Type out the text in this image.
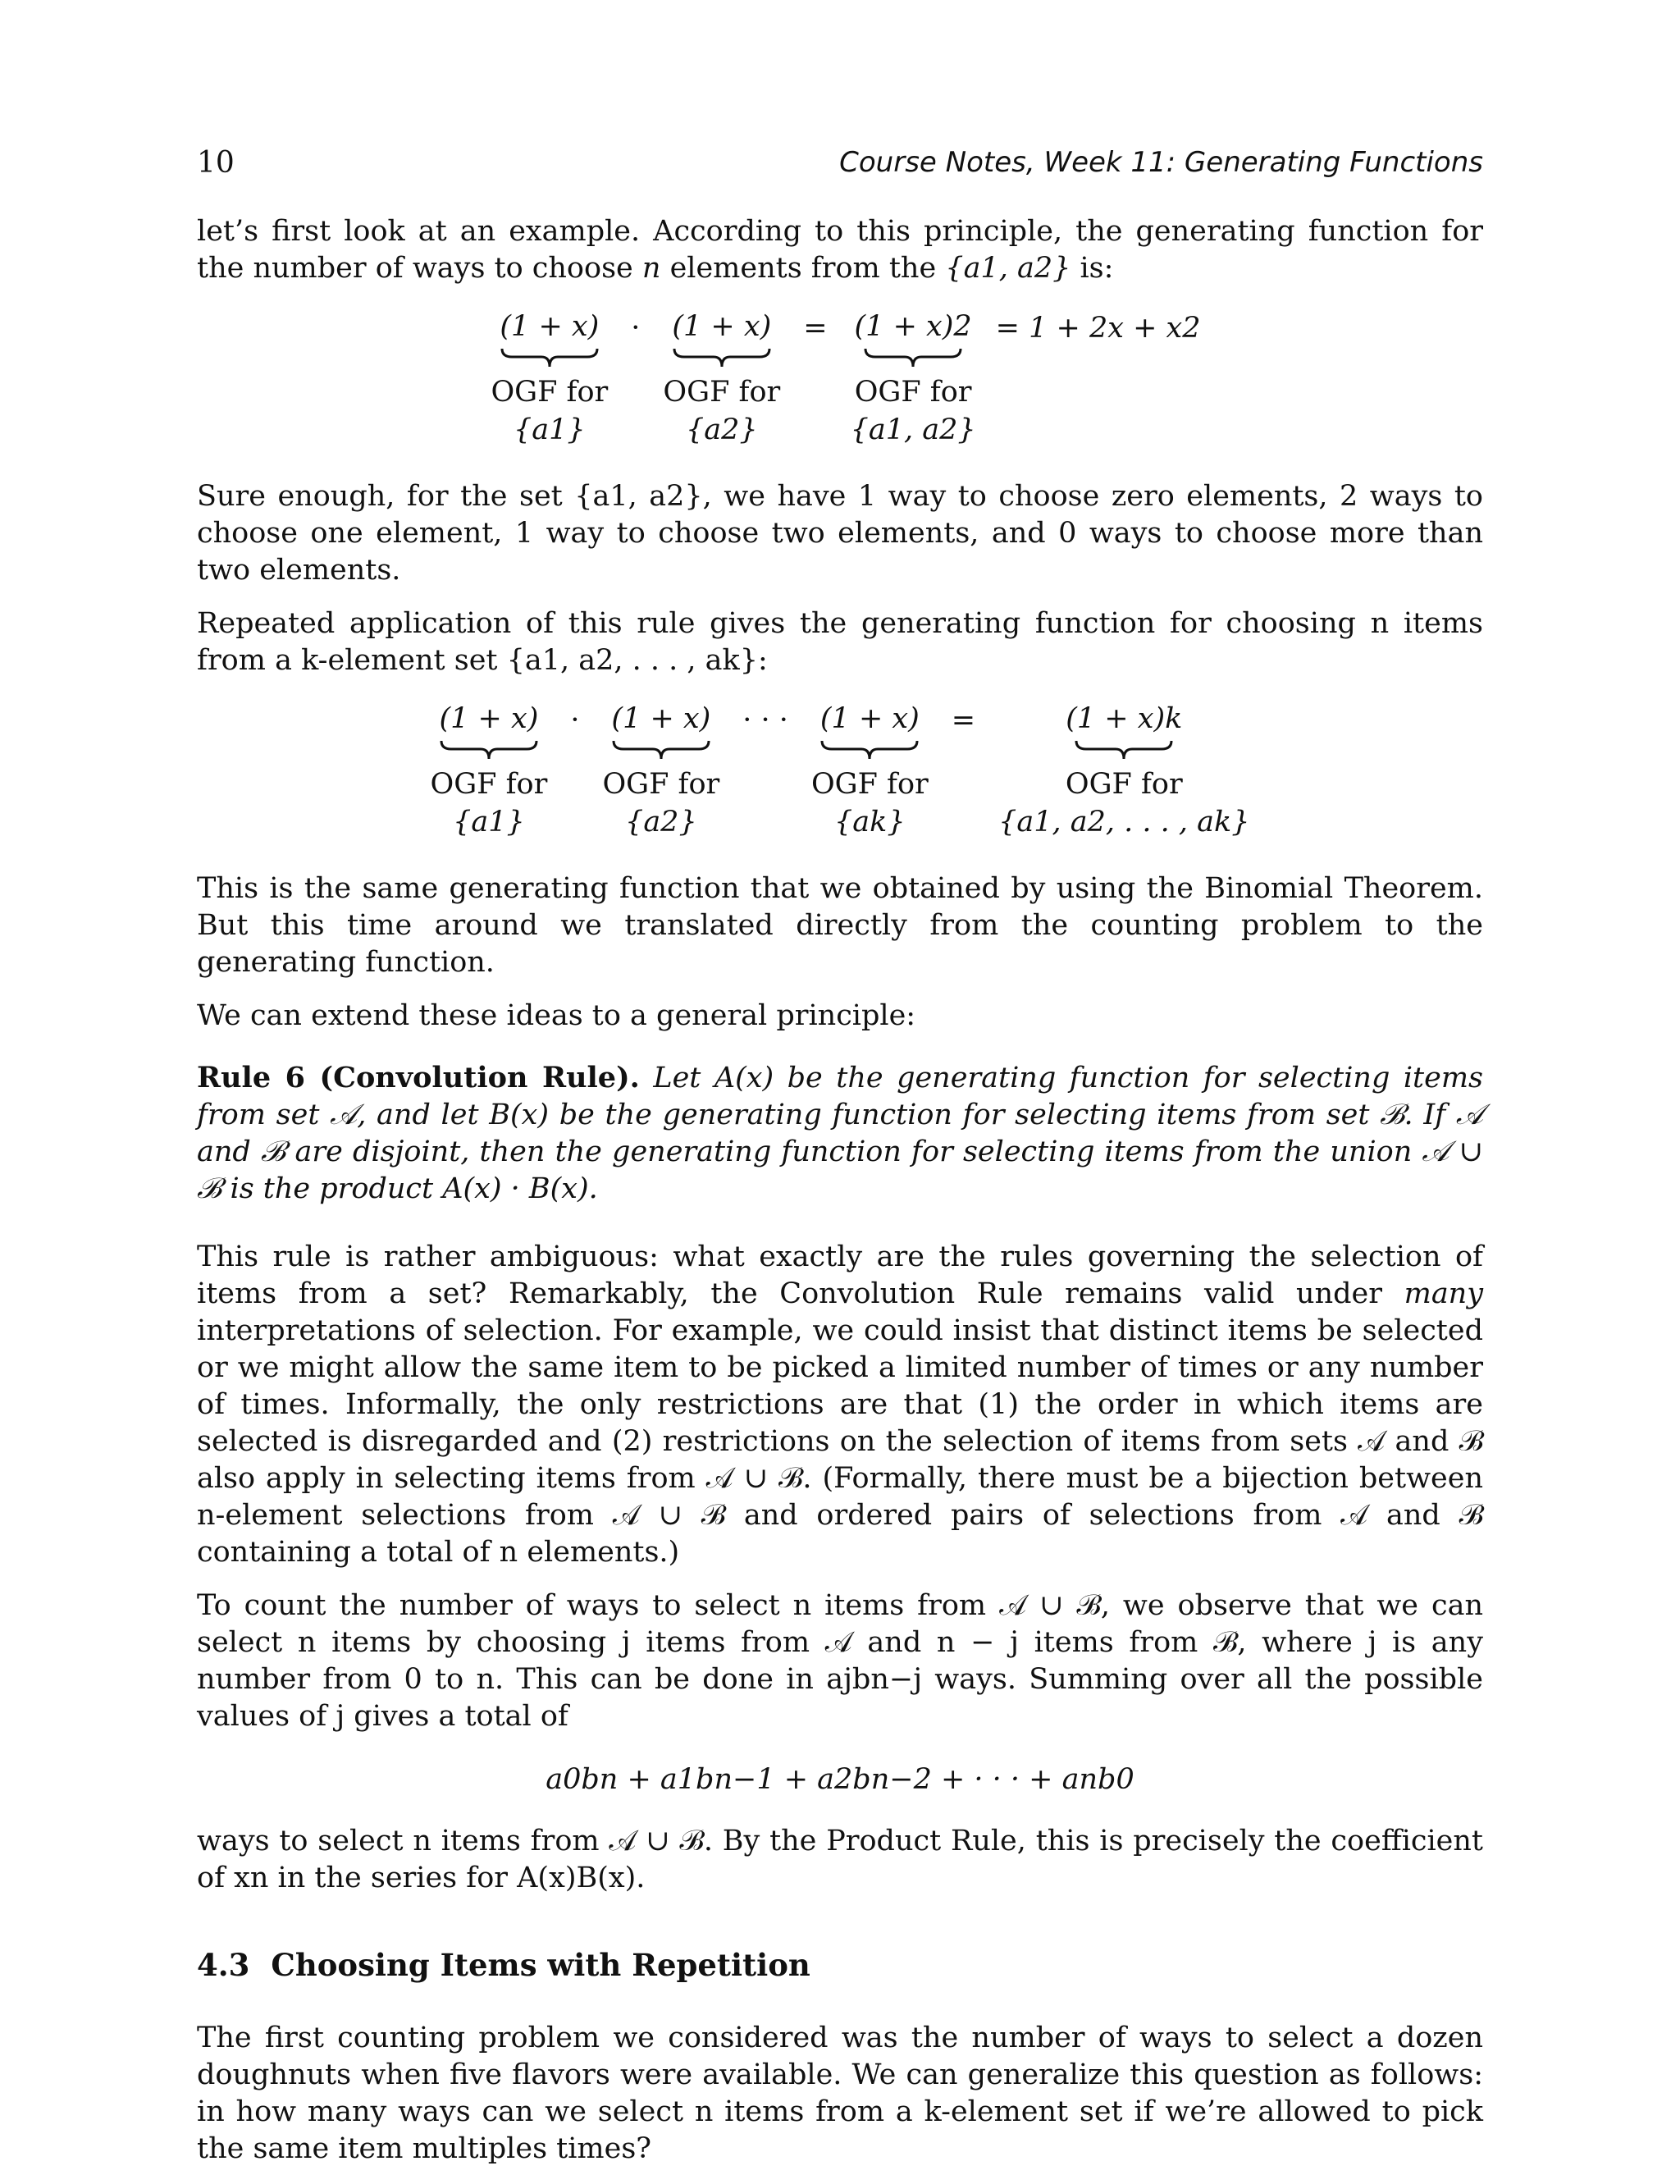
10	Course Notes, Week 11: Generating Functions

let’s first look at an example. According to this principle, the generating function for the number of ways to choose n elements from the {a1, a2} is:

(1 + x)
OGF for
{a1}
· (1 + x)
OGF for
{a2}
= (1 + x)2
OGF for
{a1, a2}
= 1 + 2x + x2

Sure enough, for the set {a1, a2}, we have 1 way to choose zero elements, 2 ways to choose one element, 1 way to choose two elements, and 0 ways to choose more than two elements.

Repeated application of this rule gives the generating function for choosing n items from a k-element set {a1, a2, . . . , ak}:

(1 + x)
OGF for
{a1}
· (1 + x)
OGF for
{a2}
· · · (1 + x)
OGF for
{ak}
=	(1 + x)k
OGF for
{a1, a2, . . . , ak}

This is the same generating function that we obtained by using the Binomial Theorem. But this time around we translated directly from the counting problem to the generating function.

We can extend these ideas to a general principle:

Rule 6 (Convolution Rule). Let A(x) be the generating function for selecting items from set 𝒜, and let B(x) be the generating function for selecting items from set ℬ. If 𝒜 and ℬ are disjoint, then the generating function for selecting items from the union 𝒜 ∪ ℬ is the product A(x) · B(x).

This rule is rather ambiguous: what exactly are the rules governing the selection of items from a set? Remarkably, the Convolution Rule remains valid under many interpretations of selection. For example, we could insist that distinct items be selected or we might allow the same item to be picked a limited number of times or any number of times. Informally, the only restrictions are that (1) the order in which items are selected is disregarded and (2) restrictions on the selection of items from sets 𝒜 and ℬ also apply in selecting items from 𝒜 ∪ ℬ. (Formally, there must be a bijection between n-element selections from 𝒜 ∪ ℬ and ordered pairs of selections from 𝒜 and ℬ containing a total of n elements.)

To count the number of ways to select n items from 𝒜 ∪ ℬ, we observe that we can select n items by choosing j items from 𝒜 and n − j items from ℬ, where j is any number from 0 to n. This can be done in ajbn−j ways. Summing over all the possible values of j gives a total of

a0bn + a1bn−1 + a2bn−2 + · · · + anb0

ways to select n items from 𝒜 ∪ ℬ. By the Product Rule, this is precisely the coefficient of xn in the series for A(x)B(x).

4.3 Choosing Items with Repetition

The first counting problem we considered was the number of ways to select a dozen doughnuts when five flavors were available. We can generalize this question as follows: in how many ways can we select n items from a k-element set if we’re allowed to pick the same item multiples times?
